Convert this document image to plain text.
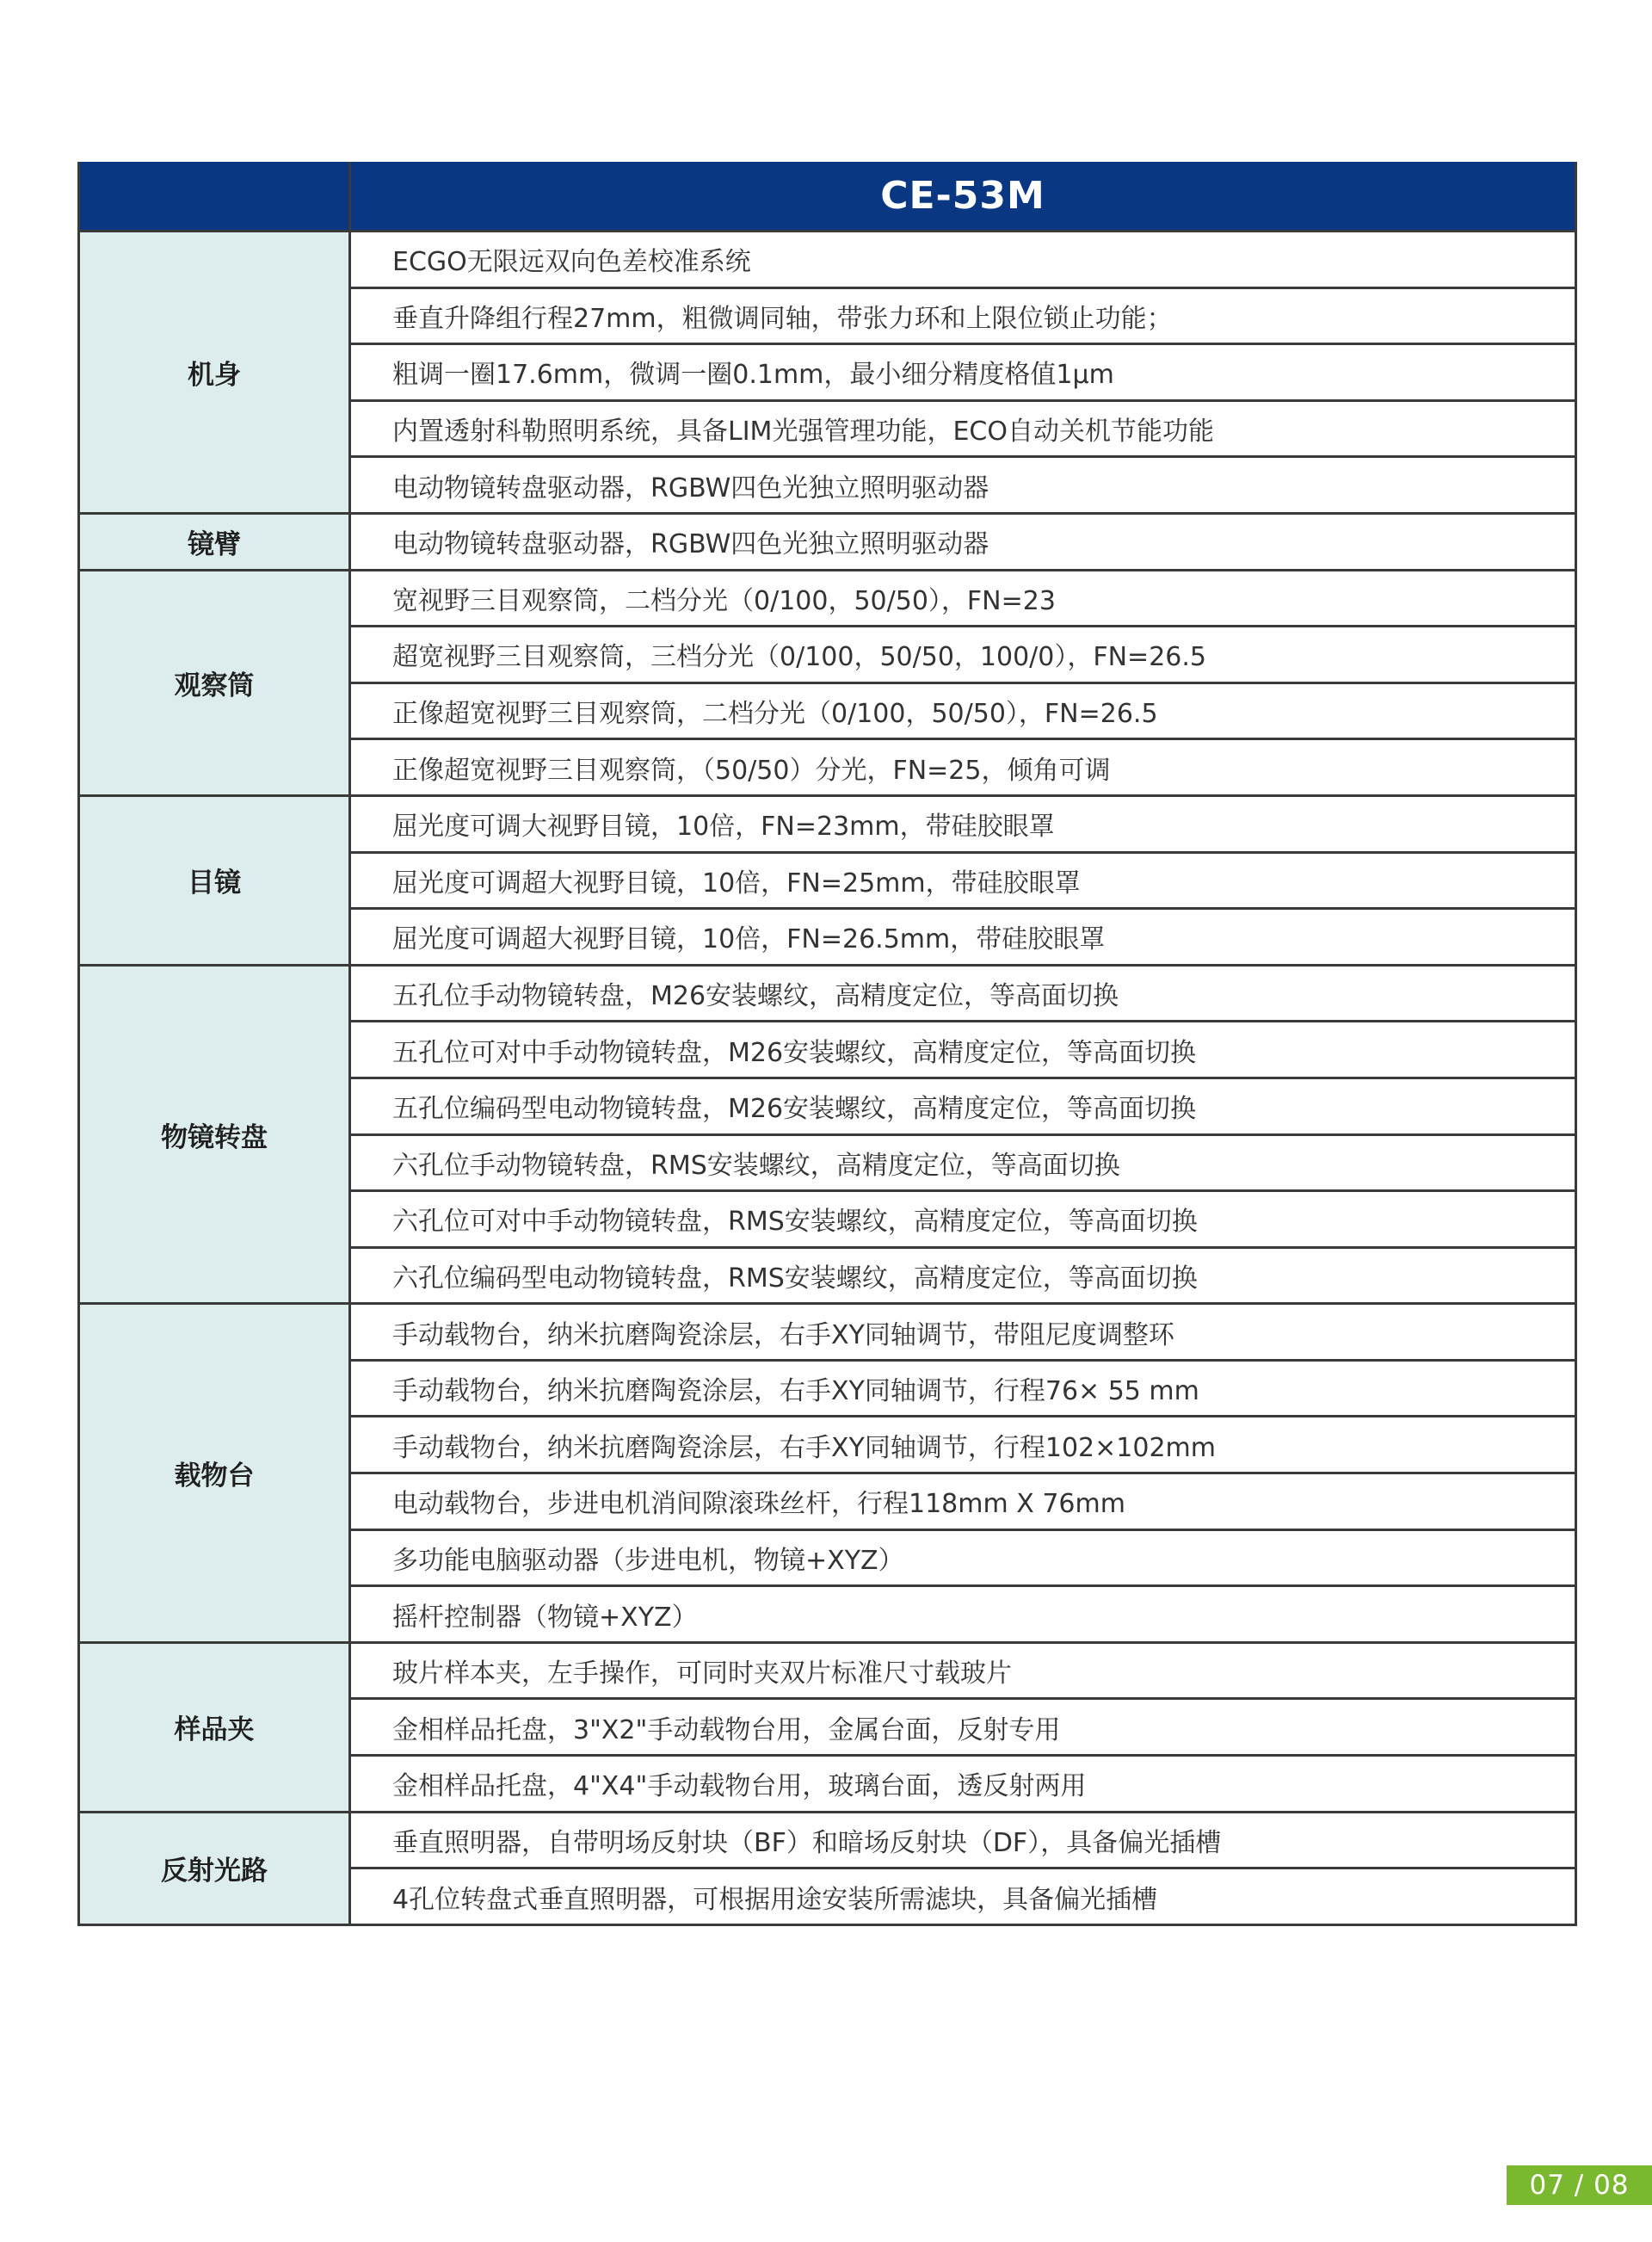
	CE-53M
机身	ECGO无限远双向色差校准系统
	垂直升降组行程27mm，粗微调同轴，带张力环和上限位锁止功能；
	粗调一圈17.6mm，微调一圈0.1mm，最小细分精度格值1μm
	内置透射科勒照明系统，具备LIM光强管理功能，ECO自动关机节能功能
	电动物镜转盘驱动器，RGBW四色光独立照明驱动器
镜臂	电动物镜转盘驱动器，RGBW四色光独立照明驱动器
观察筒	宽视野三目观察筒，二档分光（0/100，50/50），FN=23
	超宽视野三目观察筒，三档分光（0/100，50/50，100/0），FN=26.5
	正像超宽视野三目观察筒，二档分光（0/100，50/50），FN=26.5
	正像超宽视野三目观察筒，（50/50）分光，FN=25，倾角可调
目镜	屈光度可调大视野目镜，10倍，FN=23mm，带硅胶眼罩
	屈光度可调超大视野目镜，10倍，FN=25mm，带硅胶眼罩
	屈光度可调超大视野目镜，10倍，FN=26.5mm，带硅胶眼罩
物镜转盘	五孔位手动物镜转盘，M26安装螺纹，高精度定位，等高面切换
	五孔位可对中手动物镜转盘，M26安装螺纹，高精度定位，等高面切换
	五孔位编码型电动物镜转盘，M26安装螺纹，高精度定位，等高面切换
	六孔位手动物镜转盘，RMS安装螺纹，高精度定位，等高面切换
	六孔位可对中手动物镜转盘，RMS安装螺纹，高精度定位，等高面切换
	六孔位编码型电动物镜转盘，RMS安装螺纹，高精度定位，等高面切换
载物台	手动载物台，纳米抗磨陶瓷涂层，右手XY同轴调节，带阻尼度调整环
	手动载物台，纳米抗磨陶瓷涂层，右手XY同轴调节，行程76× 55 mm
	手动载物台，纳米抗磨陶瓷涂层，右手XY同轴调节，行程102×102mm
	电动载物台，步进电机消间隙滚珠丝杆，行程118mm X 76mm
	多功能电脑驱动器（步进电机，物镜+XYZ）
	摇杆控制器（物镜+XYZ）
样品夹	玻片样本夹，左手操作，可同时夹双片标准尺寸载玻片
	金相样品托盘，3"X2"手动载物台用，金属台面，反射专用
	金相样品托盘，4"X4"手动载物台用，玻璃台面，透反射两用
反射光路	垂直照明器，自带明场反射块（BF）和暗场反射块（DF），具备偏光插槽
	4孔位转盘式垂直照明器，可根据用途安装所需滤块，具备偏光插槽
07 / 08
